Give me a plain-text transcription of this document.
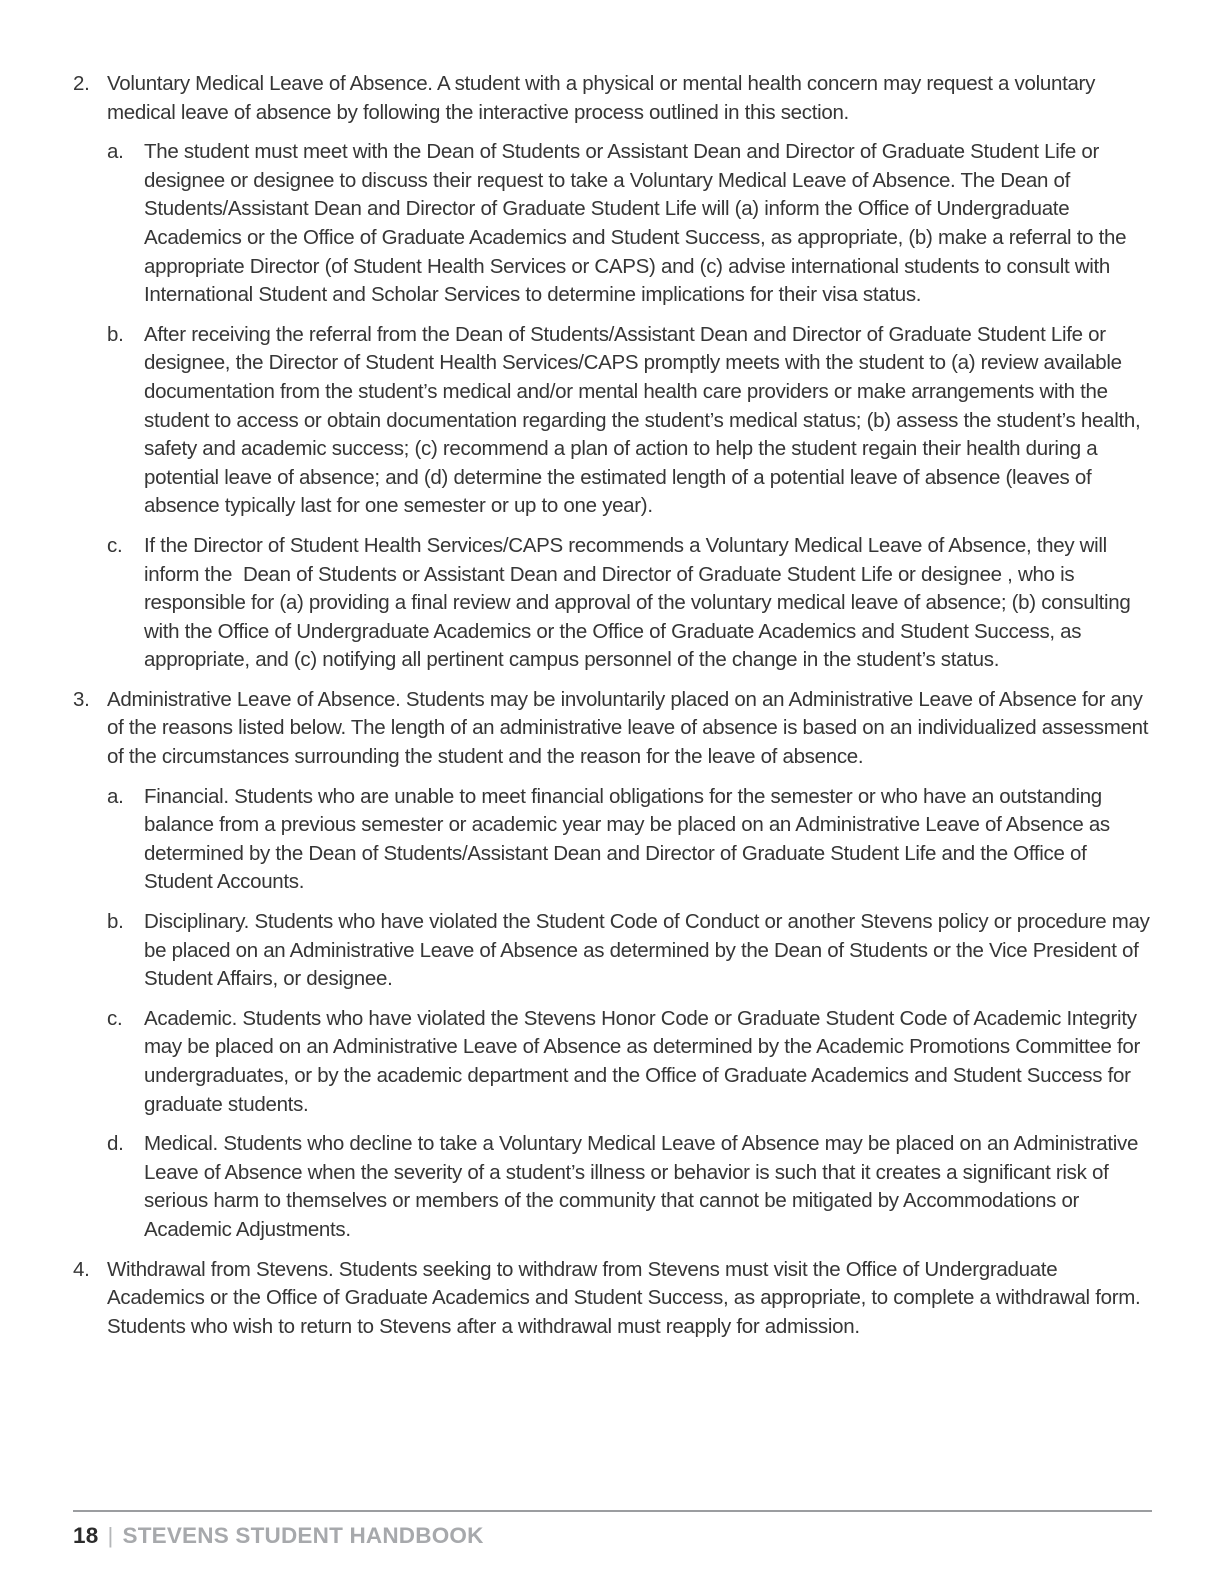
2. Voluntary Medical Leave of Absence. A student with a physical or mental health concern may request a voluntary medical leave of absence by following the interactive process outlined in this section.
a.	The student must meet with the Dean of Students or Assistant Dean and Director of Graduate Student Life or designee or designee to discuss their request to take a Voluntary Medical Leave of Absence. The Dean of Students/Assistant Dean and Director of Graduate Student Life will (a) inform the Office of Undergraduate Academics or the Office of Graduate Academics and Student Success, as appropriate, (b) make a referral to the appropriate Director (of Student Health Services or CAPS) and (c) advise international students to consult with International Student and Scholar Services to determine implications for their visa status.
b.	After receiving the referral from the Dean of Students/Assistant Dean and Director of Graduate Student Life or designee, the Director of Student Health Services/CAPS promptly meets with the student to (a) review available documentation from the student’s medical and/or mental health care providers or make arrangements with the student to access or obtain documentation regarding the student’s medical status; (b) assess the student’s health, safety and academic success; (c) recommend a plan of action to help the student regain their health during a potential leave of absence; and (d) determine the estimated length of a potential leave of absence (leaves of absence typically last for one semester or up to one year).
c.	If the Director of Student Health Services/CAPS recommends a Voluntary Medical Leave of Absence, they will inform the  Dean of Students or Assistant Dean and Director of Graduate Student Life or designee , who is responsible for (a) providing a final review and approval of the voluntary medical leave of absence; (b) consulting with the Office of Undergraduate Academics or the Office of Graduate Academics and Student Success, as appropriate, and (c) notifying all pertinent campus personnel of the change in the student’s status.
3. Administrative Leave of Absence. Students may be involuntarily placed on an Administrative Leave of Absence for any of the reasons listed below. The length of an administrative leave of absence is based on an individualized assessment of the circumstances surrounding the student and the reason for the leave of absence.
a.	Financial. Students who are unable to meet financial obligations for the semester or who have an outstanding balance from a previous semester or academic year may be placed on an Administrative Leave of Absence as determined by the Dean of Students/Assistant Dean and Director of Graduate Student Life and the Office of Student Accounts.
b.	Disciplinary. Students who have violated the Student Code of Conduct or another Stevens policy or procedure may be placed on an Administrative Leave of Absence as determined by the Dean of Students or the Vice President of Student Affairs, or designee.
c.	Academic. Students who have violated the Stevens Honor Code or Graduate Student Code of Academic Integrity may be placed on an Administrative Leave of Absence as determined by the Academic Promotions Committee for undergraduates, or by the academic department and the Office of Graduate Academics and Student Success for graduate students.
d.	Medical. Students who decline to take a Voluntary Medical Leave of Absence may be placed on an Administrative Leave of Absence when the severity of a student’s illness or behavior is such that it creates a significant risk of serious harm to themselves or members of the community that cannot be mitigated by Accommodations or Academic Adjustments.
4. Withdrawal from Stevens. Students seeking to withdraw from Stevens must visit the Office of Undergraduate Academics or the Office of Graduate Academics and Student Success, as appropriate, to complete a withdrawal form. Students who wish to return to Stevens after a withdrawal must reapply for admission.
18 | STEVENS STUDENT HANDBOOK
